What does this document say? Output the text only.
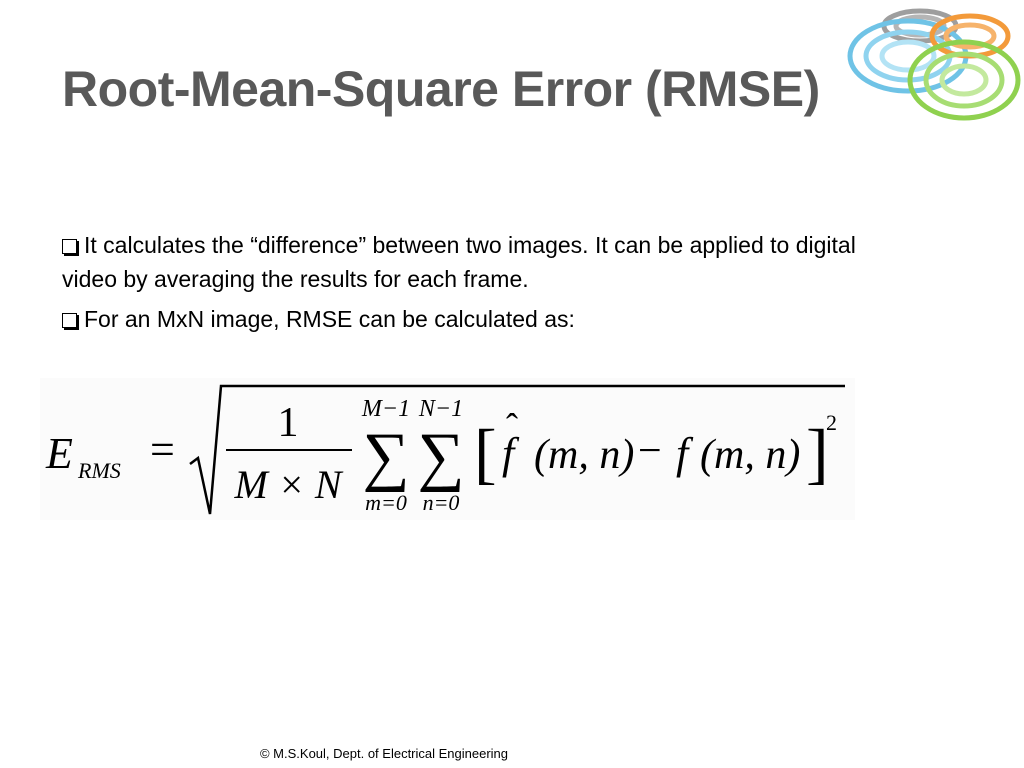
Root-Mean-Square Error (RMSE)
It calculates the “difference” between two images. It can be applied to digital video by averaging the results for each frame.
For an MxN image, RMSE can be calculated as:
E RMS =
1
M × N
M−1
∑
m=0
N−1
∑
n=0
[ f
ˆ
(m, n) − f (m, n) ]
2
© M.S.Koul, Dept. of Electrical Engineering
